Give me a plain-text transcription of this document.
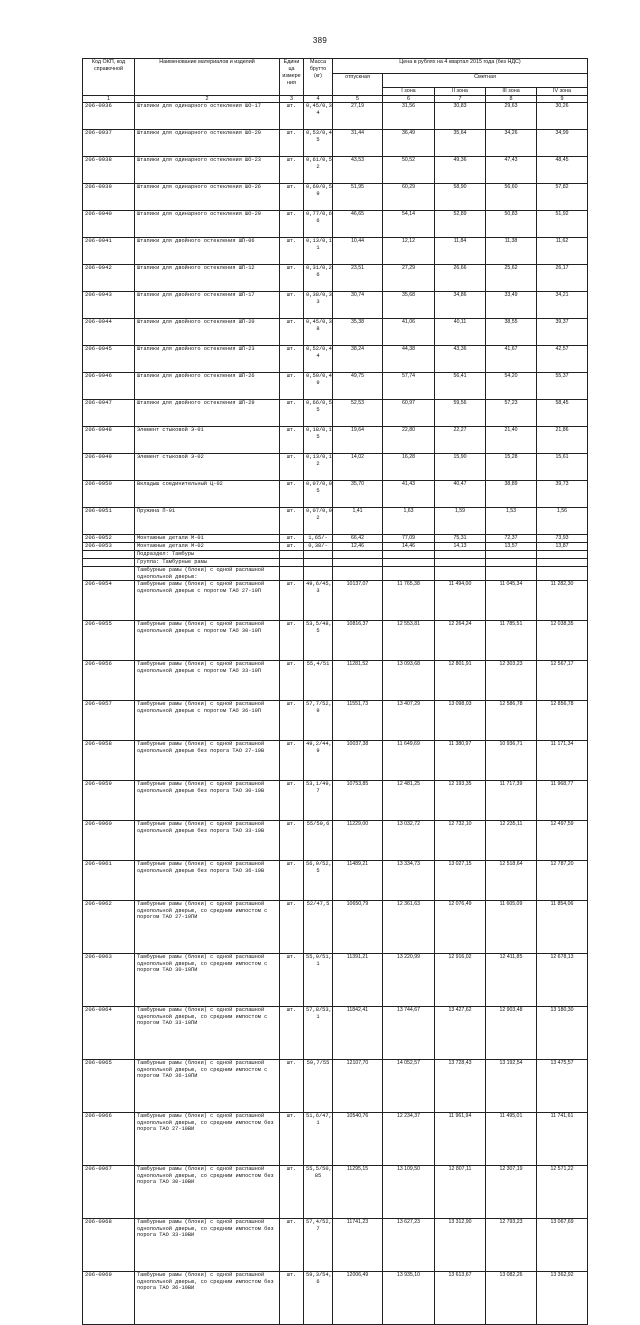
389
Код ОКП, код справочной	Наименование материалов и изделий	Едини ца измере ния	Масса брутто (кг)	Цена в рублях на 4 квартал 2015 года (без НДС)				
				отпускная	Сметная			
					I зона	II зона	III зона	IV зона
1	2	3	4	5	6	7	8	9
206-0936	Штапики для одинарного остекления ШО-17	шт.	0,45/0,3 4	27,19	31,56	30,83	29,63	30,26
206-0937	Штапики для одинарного остекления ШО-20	шт.	0,53/0,4 5	31,44	36,49	35,64	34,26	34,99
206-0938	Штапики для одинарного остекления ШО-23	шт.	0,61/0,5 2	43,53	50,52	49,36	47,43	48,45
206-0939	Штапики для одинарного остекления ШО-26	шт.	0,69/0,5 9	51,95	60,29	58,90	56,60	57,82
206-0940	Штапики для одинарного остекления ШО-29	шт.	0,77/0,6 6	46,65	54,14	52,89	50,83	51,92
206-0941	Штапики для двойного остекления ШП-06	шт.	0,13/0,1 1	10,44	12,12	11,84	11,38	11,62
206-0942	Штапики для двойного остекления ШП-12	шт.	0,31/0,2 6	23,51	27,29	26,66	25,62	26,17
206-0943	Штапики для двойного остекления ШП-17	шт.	0,38/0,3 3	30,74	35,68	34,86	33,49	34,21
206-0944	Штапики для двойного остекления ШП-20	шт.	0,45/0,3 8	35,38	41,06	40,11	38,55	39,37
206-0945	Штапики для двойного остекления ШП-23	шт.	0,52/0,4 4	38,24	44,38	43,36	41,67	42,57
206-0946	Штапики для двойного остекления ШП-26	шт.	0,59/0,4 9	49,75	57,74	56,41	54,20	55,37
206-0947	Штапики для двойного остекления ШП-29	шт.	0,66/0,5 5	52,53	60,97	59,56	57,23	58,45
206-0948	Элемент стыковой Э-01	шт.	0,18/0,1 5	19,64	22,80	22,27	21,40	21,86
206-0949	Элемент стыковой Э-02	шт.	0,13/0,1 2	14,02	16,28	15,90	15,28	15,61
206-0950	Вкладыш соединительный Ц-02	шт.	0,07/0,0 5	35,70	41,43	40,47	38,89	39,73
206-0951	Пружина П-01	шт.	0,07/0,0 2	1,41	1,63	1,59	1,53	1,56
206-0952	Монтажные детали М-01	шт.	1,65/-	66,42	77,09	75,31	72,37	73,93
206-0953	Монтажные детали М-02	шт.	0,38/-	12,46	14,46	14,13	13,57	13,87
	Подраздел: Тамбуры							
	Группа: Тамбурные рамы							
	Тамбурные рамы (блоки) с одной распашной однопольной дверью:							
206-0954	Тамбурные рамы (блоки) с одной распашной однопольной дверью с порогом ТАО 27-10П	шт.	49,6/45, 3	10137,07	11 765,38	11 494,00	11 045,34	11 282,30
206-0955	Тамбурные рамы (блоки) с одной распашной однопольной дверью с порогом ТАО 30-10П	шт.	53,5/48, 5	10816,37	12 553,81	12 264,24	11 785,51	12 038,35
206-0956	Тамбурные рамы (блоки) с одной распашной однопольной дверью с порогом ТАО 33-10П	шт.	55,4/51	11281,52	13 093,68	12 801,91	12 303,23	12 567,17
206-0957	Тамбурные рамы (блоки) с одной распашной однопольной дверью с порогом ТАО 36-10П	шт.	57,7/52, 9	11551,73	13 407,29	13 098,03	12 586,78	12 856,78
206-0958	Тамбурные рамы (блоки) с одной распашной однопольной дверью без порога ТАО 27-10В	шт.	49,2/44, 9	10037,38	11 649,69	11 380,97	10 936,71	11 171,34
206-0959	Тамбурные рамы (блоки) с одной распашной однопольной дверью без порога ТАО 30-10В	шт.	53,1/49, 7	10753,85	12 481,25	12 193,35	11 717,39	11 968,77
206-0960	Тамбурные рамы (блоки) с одной распашной однопольной дверью без порога ТАО 33-10В	шт.	55/50,6	11229,00	13 032,72	12 732,10	12 235,11	12 497,59
206-0961	Тамбурные рамы (блоки) с одной распашной однопольной дверью без порога ТАО 36-10В	шт.	56,9/52, 5	11489,21	13 334,73	13 027,15	12 518,64	12 787,20
206-0962	Тамбурные рамы (блоки) с одной распашной однопольной дверью, со средним импостом с порогом ТАО 27-10ПИ	шт.	52/47,5	10650,79	12 361,63	12 076,49	11 605,09	11 854,06
206-0963	Тамбурные рамы (блоки) с одной распашной однопольной дверью, со средним импостом с порогом ТАО 30-10ПИ	шт.	55,9/51, 1	11391,21	13 220,99	12 916,02	12 411,85	12 678,13
206-0964	Тамбурные рамы (блоки) с одной распашной однопольной дверью, со средним импостом с порогом ТАО 33-10ПИ	шт.	57,8/53, 1	11842,41	13 744,67	13 427,62	12 903,48	13 180,30
206-0965	Тамбурные рамы (блоки) с одной распашной однопольной дверью, со средним импостом с порогом ТАО 36-10ПИ	шт.	59,7/55	12107,70	14 052,57	13 728,43	13 192,54	13 475,57
206-0966	Тамбурные рамы (блоки) с одной распашной однопольной дверью, со средним импостом без порога ТАО 27-10ВИ	шт.	51,6/47, 1	10540,76	12 234,37	11 961,94	11 495,01	11 741,61
206-0967	Тамбурные рамы (блоки) с одной распашной однопольной дверью, со средним импостом без порога ТАО 30-10ВИ	шт.	55,5/50, 85	11295,15	13 109,50	12 807,11	12 307,19	12 571,22
206-0968	Тамбурные рамы (блоки) с одной распашной однопольной дверью, со средним импостом без порога ТАО 33-10ВИ	шт.	57,4/52, 7	11741,23	13 627,23	13 312,90	12 793,23	13 067,69
206-0969	Тамбурные рамы (блоки) с одной распашной однопольной дверью, со средним импостом без порога ТАО 36-10ВИ	шт.	59,3/54, 6	12006,49	13 935,10	13 613,67	13 082,26	13 362,92
